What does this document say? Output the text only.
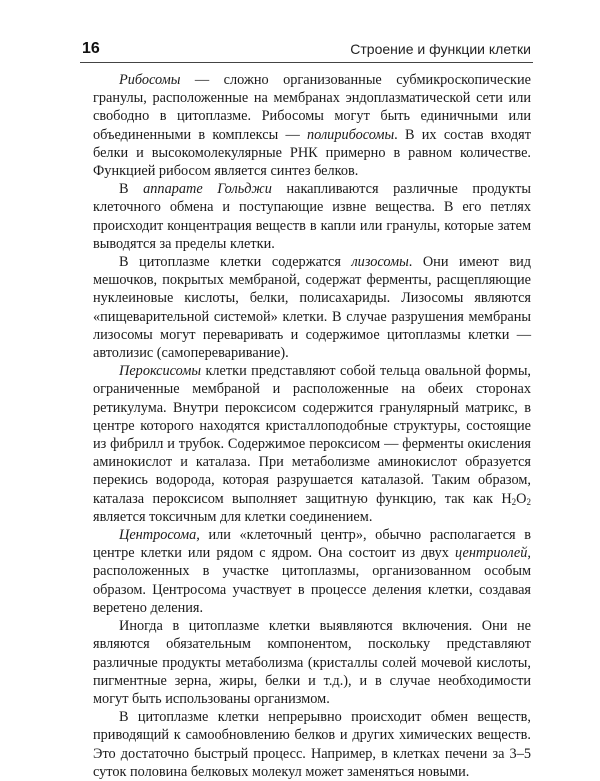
16	Строение и функции клетки

Рибосомы — сложно организованные субмикроскопические гранулы, расположенные на мембранах эндоплазматической сети или свободно в цитоплазме. Рибосомы могут быть единичными или объединенными в комплексы — полирибосомы. В их состав входят белки и высокомолекулярные РНК примерно в равном количестве. Функцией рибосом является синтез белков.

В аппарате Гольджи накапливаются различные продукты клеточного обмена и поступающие извне вещества. В его петлях происходит концентрация веществ в капли или гранулы, которые затем выводятся за пределы клетки.

В цитоплазме клетки содержатся лизосомы. Они имеют вид мешочков, покрытых мембраной, содержат ферменты, расщепляющие нуклеиновые кислоты, белки, полисахариды. Лизосомы являются «пищеварительной системой» клетки. В случае разрушения мембраны лизосомы могут переваривать и содержимое цитоплазмы клетки — автолизис (самопереваривание).

Пероксисомы клетки представляют собой тельца овальной формы, ограниченные мембраной и расположенные на обеих сторонах ретикулума. Внутри пероксисом содержится гранулярный матрикс, в центре которого находятся кристаллоподобные структуры, состоящие из фибрилл и трубок. Содержимое пероксисом — ферменты окисления аминокислот и каталаза. При метаболизме аминокислот образуется перекись водорода, которая разрушается каталазой. Таким образом, каталаза пероксисом выполняет защитную функцию, так как $Н_2О_2$ является токсичным для клетки соединением.

Центросома, или «клеточный центр», обычно располагается в центре клетки или рядом с ядром. Она состоит из двух центриолей, расположенных в участке цитоплазмы, организованном особым образом. Центросома участвует в процессе деления клетки, создавая веретено деления.

Иногда в цитоплазме клетки выявляются включения. Они не являются обязательным компонентом, поскольку представляют различные продукты метаболизма (кристаллы солей мочевой кислоты, пигментные зерна, жиры, белки и т.д.), и в случае необходимости могут быть использованы организмом.

В цитоплазме клетки непрерывно происходит обмен веществ, приводящий к самообновлению белков и других химических веществ. Это достаточно быстрый процесс. Например, в клетках печени за 3–5 суток половина белковых молекул может заменяться новыми.
